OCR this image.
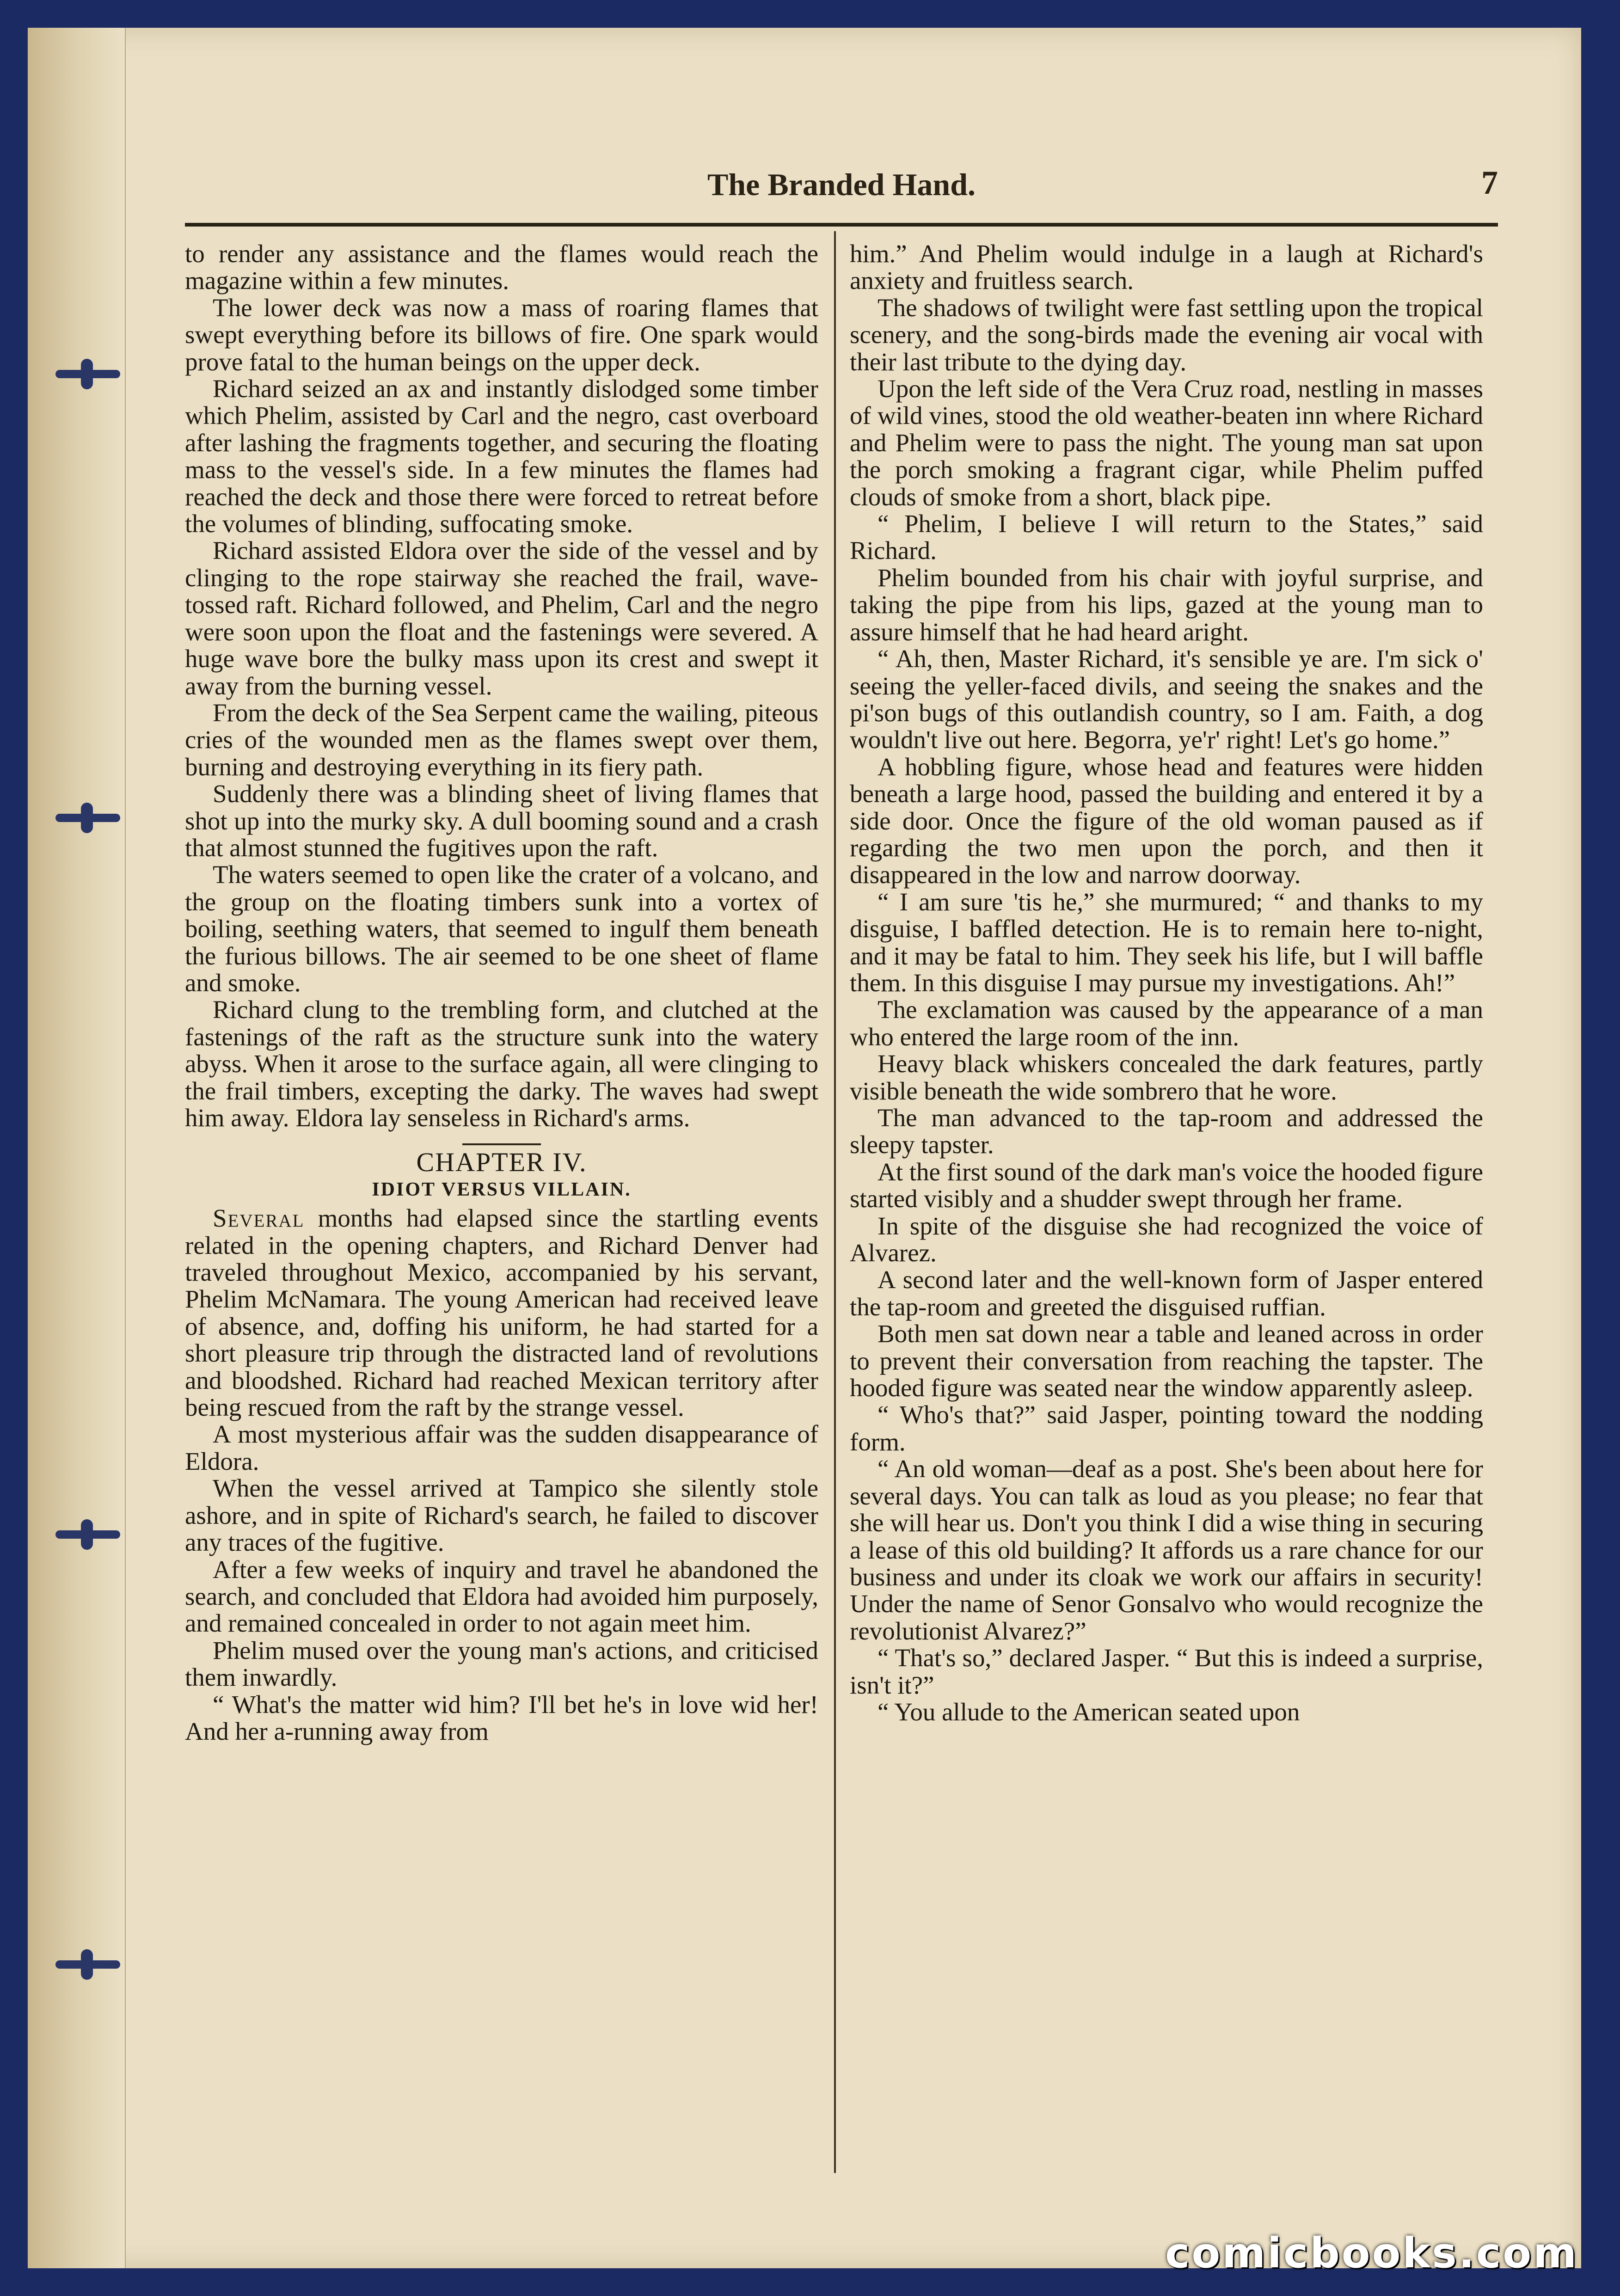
The Branded Hand.	7

to render any assistance and the flames would reach the magazine within a few minutes.

The lower deck was now a mass of roaring flames that swept everything before its billows of fire. One spark would prove fatal to the human beings on the upper deck.

Richard seized an ax and instantly dislodged some timber which Phelim, assisted by Carl and the negro, cast overboard after lashing the fragments together, and securing the floating mass to the vessel's side. In a few minutes the flames had reached the deck and those there were forced to retreat before the volumes of blinding, suffocating smoke.

Richard assisted Eldora over the side of the vessel and by clinging to the rope stairway she reached the frail, wave-tossed raft. Richard followed, and Phelim, Carl and the negro were soon upon the float and the fastenings were severed. A huge wave bore the bulky mass upon its crest and swept it away from the burning vessel.

From the deck of the Sea Serpent came the wailing, piteous cries of the wounded men as the flames swept over them, burning and destroying everything in its fiery path.

Suddenly there was a blinding sheet of living flames that shot up into the murky sky. A dull booming sound and a crash that almost stunned the fugitives upon the raft.

The waters seemed to open like the crater of a volcano, and the group on the floating timbers sunk into a vortex of boiling, seething waters, that seemed to ingulf them beneath the furious billows. The air seemed to be one sheet of flame and smoke.

Richard clung to the trembling form, and clutched at the fastenings of the raft as the structure sunk into the watery abyss. When it arose to the surface again, all were clinging to the frail timbers, excepting the darky. The waves had swept him away. Eldora lay senseless in Richard's arms.

CHAPTER IV.

IDIOT VERSUS VILLAIN.

Several months had elapsed since the startling events related in the opening chapters, and Richard Denver had traveled throughout Mexico, accompanied by his servant, Phelim McNamara. The young American had received leave of absence, and, doffing his uniform, he had started for a short pleasure trip through the distracted land of revolutions and bloodshed. Richard had reached Mexican territory after being rescued from the raft by the strange vessel.

A most mysterious affair was the sudden disappearance of Eldora.

When the vessel arrived at Tampico she silently stole ashore, and in spite of Richard's search, he failed to discover any traces of the fugitive.

After a few weeks of inquiry and travel he abandoned the search, and concluded that Eldora had avoided him purposely, and remained concealed in order to not again meet him.

Phelim mused over the young man's actions, and criticised them inwardly.

“ What's the matter wid him? I'll bet he's in love wid her! And her a-running away from

him.” And Phelim would indulge in a laugh at Richard's anxiety and fruitless search.

The shadows of twilight were fast settling upon the tropical scenery, and the song-birds made the evening air vocal with their last tribute to the dying day.

Upon the left side of the Vera Cruz road, nestling in masses of wild vines, stood the old weather-beaten inn where Richard and Phelim were to pass the night. The young man sat upon the porch smoking a fragrant cigar, while Phelim puffed clouds of smoke from a short, black pipe.

“ Phelim, I believe I will return to the States,” said Richard.

Phelim bounded from his chair with joyful surprise, and taking the pipe from his lips, gazed at the young man to assure himself that he had heard aright.

“ Ah, then, Master Richard, it's sensible ye are. I'm sick o' seeing the yeller-faced divils, and seeing the snakes and the pi'son bugs of this outlandish country, so I am. Faith, a dog wouldn't live out here. Begorra, ye'r' right! Let's go home.”

A hobbling figure, whose head and features were hidden beneath a large hood, passed the building and entered it by a side door. Once the figure of the old woman paused as if regarding the two men upon the porch, and then it disappeared in the low and narrow doorway.

“ I am sure 'tis he,” she murmured; “ and thanks to my disguise, I baffled detection. He is to remain here to-night, and it may be fatal to him. They seek his life, but I will baffle them. In this disguise I may pursue my investigations. Ah!”

The exclamation was caused by the appearance of a man who entered the large room of the inn.

Heavy black whiskers concealed the dark features, partly visible beneath the wide sombrero that he wore.

The man advanced to the tap-room and addressed the sleepy tapster.

At the first sound of the dark man's voice the hooded figure started visibly and a shudder swept through her frame.

In spite of the disguise she had recognized the voice of Alvarez.

A second later and the well-known form of Jasper entered the tap-room and greeted the disguised ruffian.

Both men sat down near a table and leaned across in order to prevent their conversation from reaching the tapster. The hooded figure was seated near the window apparently asleep.

“ Who's that?” said Jasper, pointing toward the nodding form.

“ An old woman—deaf as a post. She's been about here for several days. You can talk as loud as you please; no fear that she will hear us. Don't you think I did a wise thing in securing a lease of this old building? It affords us a rare chance for our business and under its cloak we work our affairs in security! Under the name of Senor Gonsalvo who would recognize the revolutionist Alvarez?”

“ That's so,” declared Jasper. “ But this is indeed a surprise, isn't it?”

“ You allude to the American seated upon

comicbooks.com
